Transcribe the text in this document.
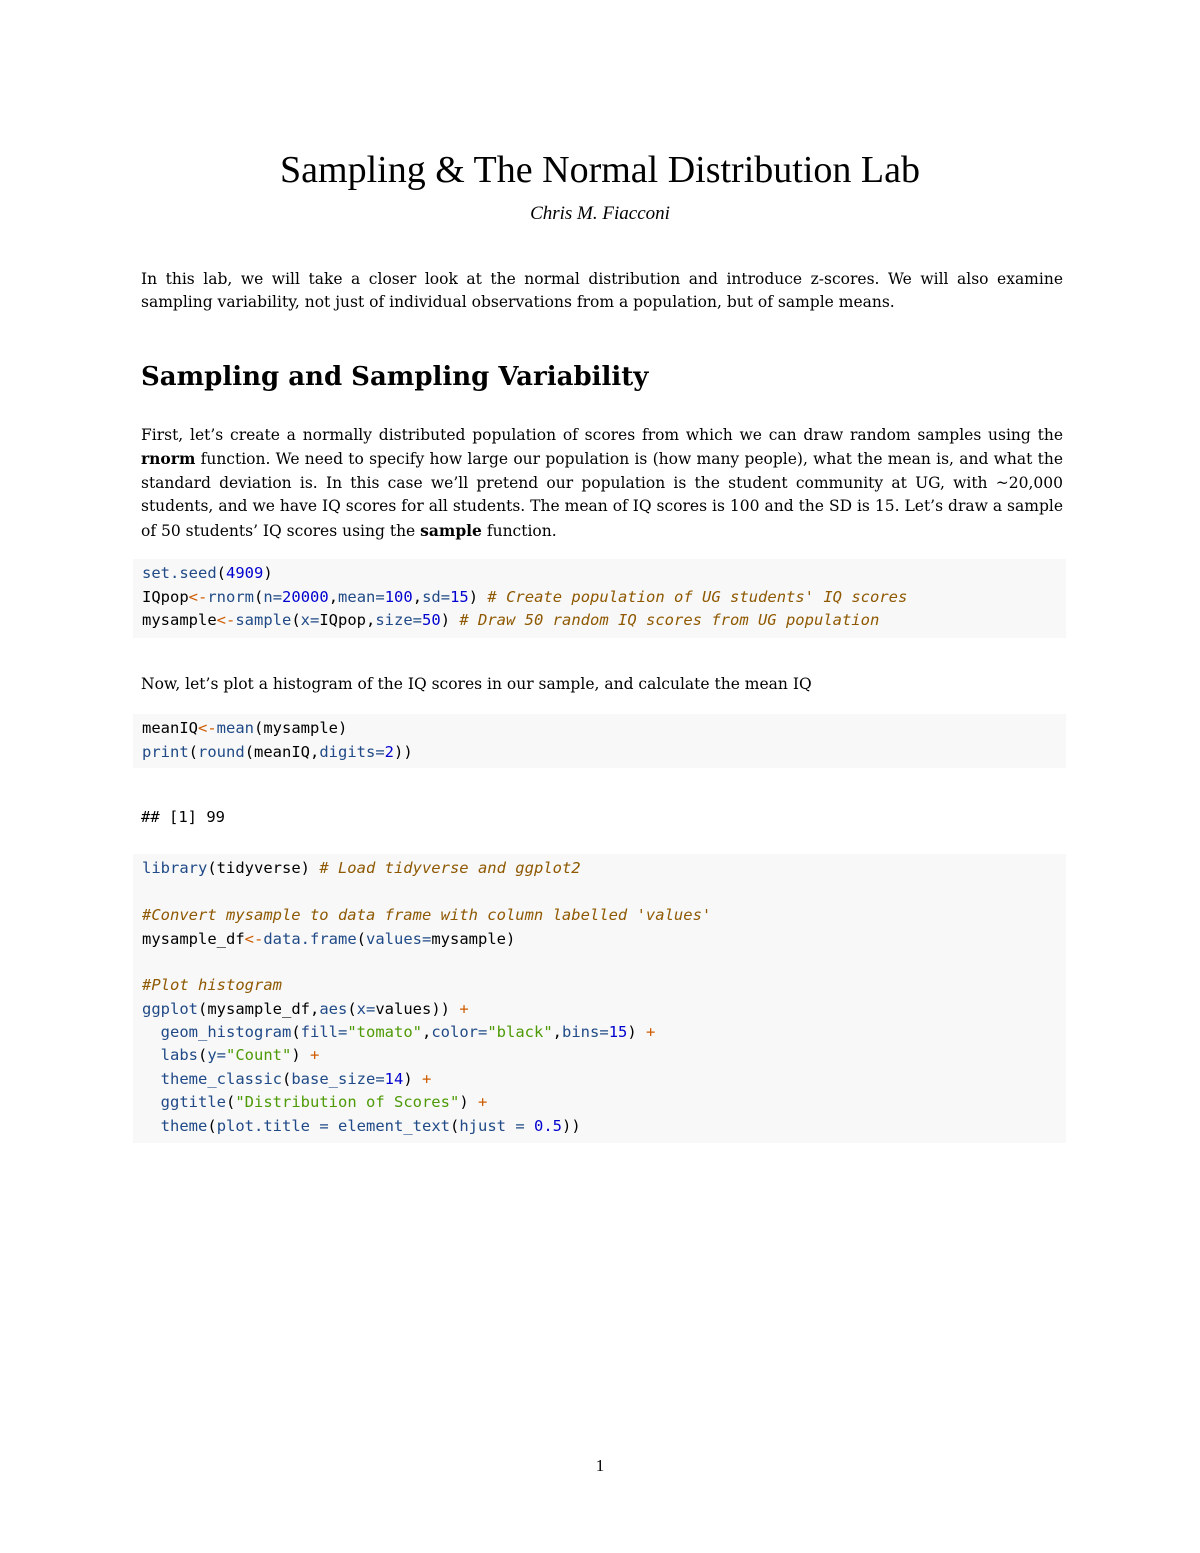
Sampling & The Normal Distribution Lab
Chris M. Fiacconi
In this lab, we will take a closer look at the normal distribution and introduce z-scores. We will also examine sampling variability, not just of individual observations from a population, but of sample means.
Sampling and Sampling Variability
First, let’s create a normally distributed population of scores from which we can draw random samples using the rnorm function. We need to specify how large our population is (how many people), what the mean is, and what the standard deviation is. In this case we’ll pretend our population is the student community at UG, with ~20,000 students, and we have IQ scores for all students. The mean of IQ scores is 100 and the SD is 15. Let’s draw a sample of 50 students’ IQ scores using the sample function.
set.seed(4909)
IQpop<-rnorm(n=20000,mean=100,sd=15) # Create population of UG students' IQ scores
mysample<-sample(x=IQpop,size=50) # Draw 50 random IQ scores from UG population
Now, let’s plot a histogram of the IQ scores in our sample, and calculate the mean IQ
meanIQ<-mean(mysample)
print(round(meanIQ,digits=2))
## [1] 99
library(tidyverse) # Load tidyverse and ggplot2
#Convert mysample to data frame with column labelled 'values'
mysample_df<-data.frame(values=mysample)
#Plot histogram
ggplot(mysample_df,aes(x=values)) +
geom_histogram(fill="tomato",color="black",bins=15) +
labs(y="Count") +
theme_classic(base_size=14) +
ggtitle("Distribution of Scores") +
theme(plot.title = element_text(hjust = 0.5))
1
